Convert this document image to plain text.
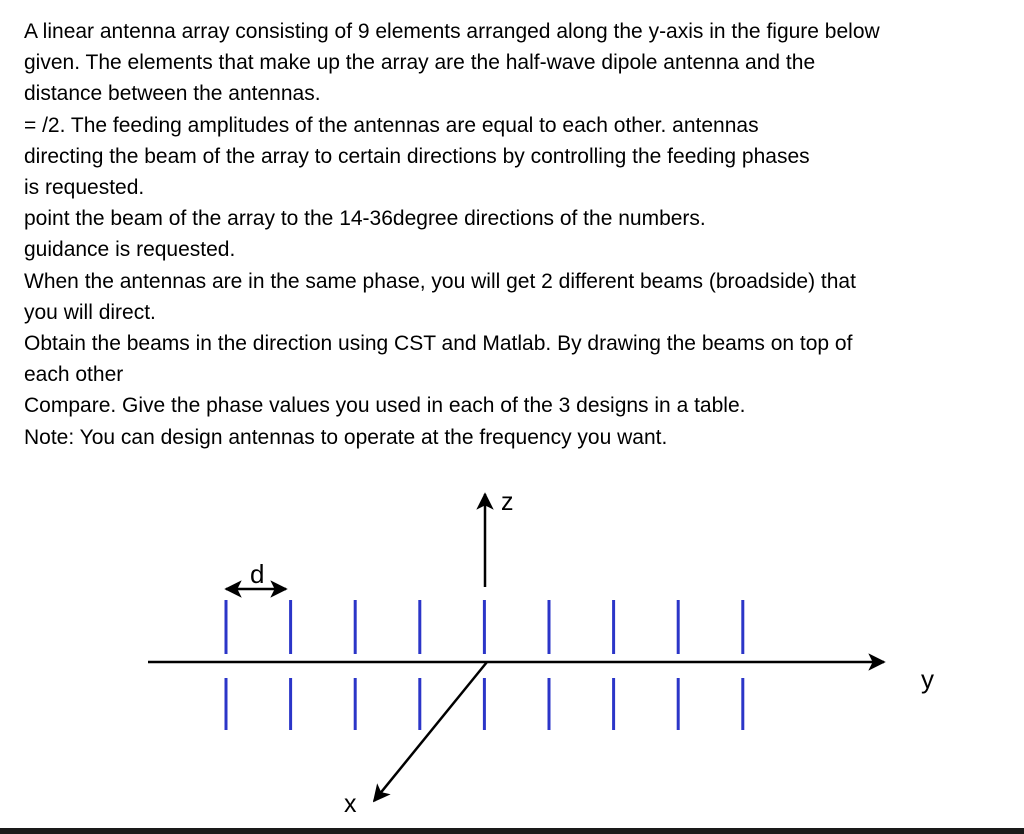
A linear antenna array consisting of 9 elements arranged along the y-axis in the figure below
given. The elements that make up the array are the half-wave dipole antenna and the
distance between the antennas.
= /2. The feeding amplitudes of the antennas are equal to each other. antennas
directing the beam of the array to certain directions by controlling the feeding phases
is requested.
point the beam of the array to the 14-36degree directions of the numbers.
guidance is requested.
When the antennas are in the same phase, you will get 2 different beams (broadside) that
you will direct.
Obtain the beams in the direction using CST and Matlab. By drawing the beams on top of
each other
Compare. Give the phase values you used in each of the 3 designs in a table.
Note: You can design antennas to operate at the frequency you want.
z
y
x
d
